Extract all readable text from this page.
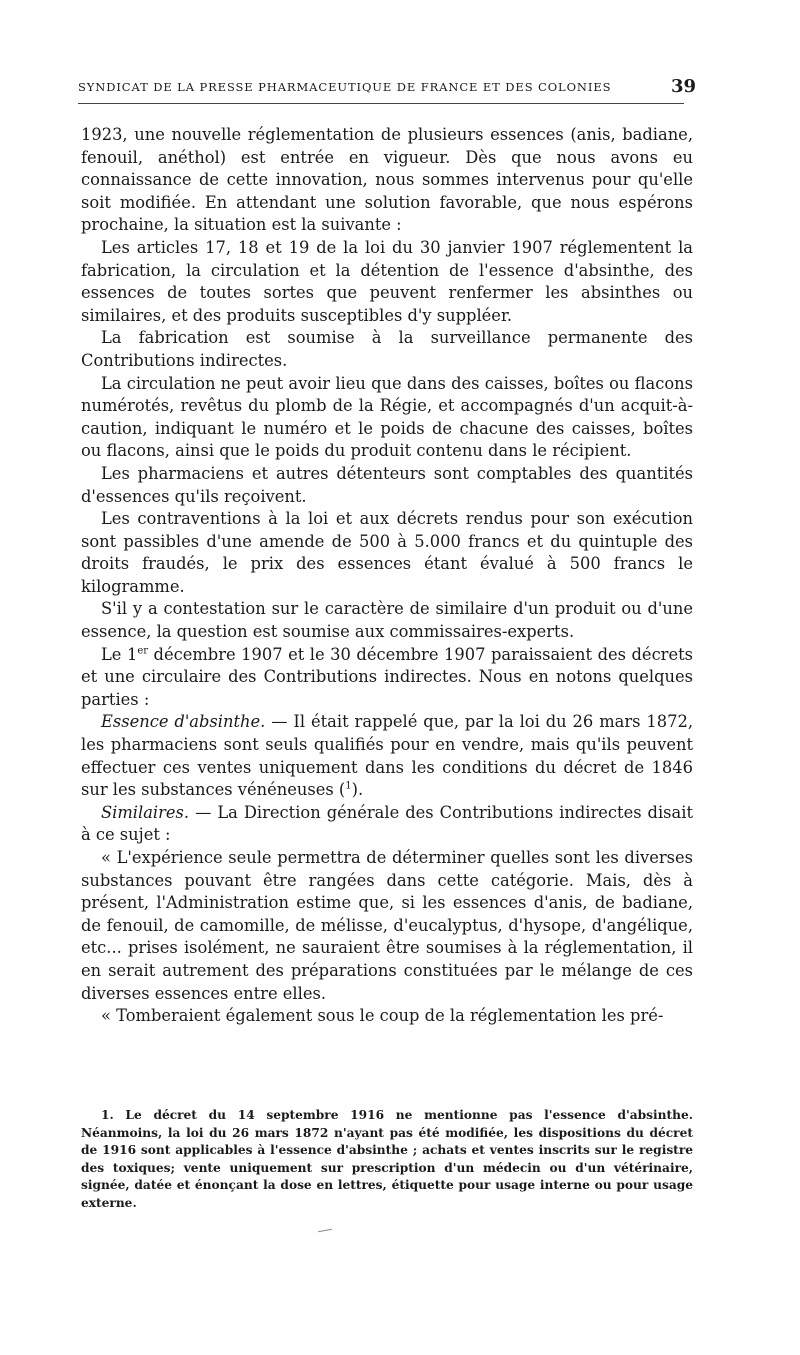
SYNDICAT DE LA PRESSE PHARMACEUTIQUE DE FRANCE ET DES COLONIES	39

1923, une nouvelle réglementation de plusieurs essences (anis, badiane, fenouil, anéthol) est entrée en vigueur. Dès que nous avons eu connaissance de cette innovation, nous sommes intervenus pour qu'elle soit modifiée. En attendant une solution favorable, que nous espérons prochaine, la situation est la suivante :

Les articles 17, 18 et 19 de la loi du 30 janvier 1907 réglementent la fabrication, la circulation et la détention de l'essence d'absinthe, des essences de toutes sortes que peuvent renfermer les absinthes ou similaires, et des produits susceptibles d'y suppléer.

La fabrication est soumise à la surveillance permanente des Contributions indirectes.

La circulation ne peut avoir lieu que dans des caisses, boîtes ou flacons numérotés, revêtus du plomb de la Régie, et accompagnés d'un acquit-à-caution, indiquant le numéro et le poids de chacune des caisses, boîtes ou flacons, ainsi que le poids du produit contenu dans le récipient.

Les pharmaciens et autres détenteurs sont comptables des quantités d'essences qu'ils reçoivent.

Les contraventions à la loi et aux décrets rendus pour son exécution sont passibles d'une amende de 500 à 5.000 francs et du quintuple des droits fraudés, le prix des essences étant évalué à 500 francs le kilogramme.

S'il y a contestation sur le caractère de similaire d'un produit ou d'une essence, la question est soumise aux commissaires-experts.

Le 1er décembre 1907 et le 30 décembre 1907 paraissaient des décrets et une circulaire des Contributions indirectes. Nous en notons quelques parties :

Essence d'absinthe. — Il était rappelé que, par la loi du 26 mars 1872, les pharmaciens sont seuls qualifiés pour en vendre, mais qu'ils peuvent effectuer ces ventes uniquement dans les conditions du décret de 1846 sur les substances vénéneuses ($^1$).

Similaires. — La Direction générale des Contributions indirectes disait à ce sujet :

« L'expérience seule permettra de déterminer quelles sont les diverses substances pouvant être rangées dans cette catégorie. Mais, dès à présent, l'Administration estime que, si les essences d'anis, de badiane, de fenouil, de camomille, de mélisse, d'eucalyptus, d'hysope, d'angélique, etc... prises isolément, ne sauraient être soumises à la réglementation, il en serait autrement des préparations constituées par le mélange de ces diverses essences entre elles.

« Tomberaient également sous le coup de la réglementation les pré-

1. Le décret du 14 septembre 1916 ne mentionne pas l'essence d'absinthe. Néanmoins, la loi du 26 mars 1872 n'ayant pas été modifiée, les dispositions du décret de 1916 sont applicables à l'essence d'absinthe ; achats et ventes inscrits sur le registre des toxiques; vente uniquement sur prescription d'un médecin ou d'un vétérinaire, signée, datée et énonçant la dose en lettres, étiquette pour usage interne ou pour usage externe.
